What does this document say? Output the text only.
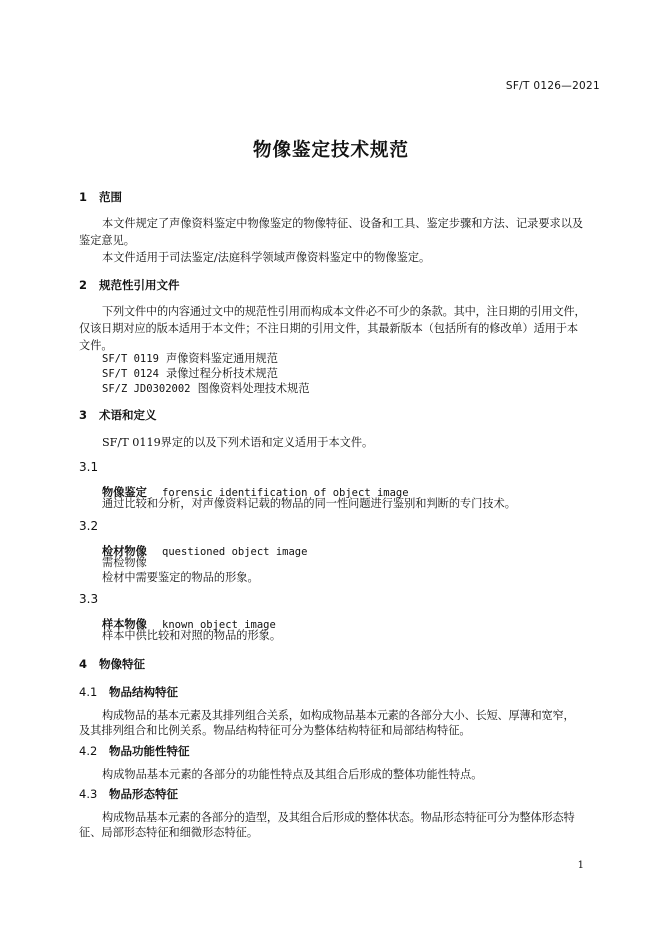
SF/T 0126—2021
物像鉴定技术规范
1 范围
本文件规定了声像资料鉴定中物像鉴定的物像特征、设备和工具、鉴定步骤和方法、记录要求以及
鉴定意见。
本文件适用于司法鉴定/法庭科学领域声像资料鉴定中的物像鉴定。
2 规范性引用文件
下列文件中的内容通过文中的规范性引用而构成本文件必不可少的条款。其中，注日期的引用文件，
仅该日期对应的版本适用于本文件；不注日期的引用文件，其最新版本（包括所有的修改单）适用于本
文件。
SF/T 0119 声像资料鉴定通用规范
SF/T 0124 录像过程分析技术规范
SF/Z JD0302002 图像资料处理技术规范
3 术语和定义
SF/T 0119界定的以及下列术语和定义适用于本文件。
3.1
物像鉴定 forensic identification of object image
通过比较和分析，对声像资料记载的物品的同一性问题进行鉴别和判断的专门技术。
3.2
检材物像 questioned object image
需检物像
检材中需要鉴定的物品的形象。
3.3
样本物像 known object image
样本中供比较和对照的物品的形象。
4 物像特征
4.1 物品结构特征
构成物品的基本元素及其排列组合关系，如构成物品基本元素的各部分大小、长短、厚薄和宽窄，
及其排列组合和比例关系。物品结构特征可分为整体结构特征和局部结构特征。
4.2 物品功能性特征
构成物品基本元素的各部分的功能性特点及其组合后形成的整体功能性特点。
4.3 物品形态特征
构成物品基本元素的各部分的造型，及其组合后形成的整体状态。物品形态特征可分为整体形态特
征、局部形态特征和细微形态特征。
1
